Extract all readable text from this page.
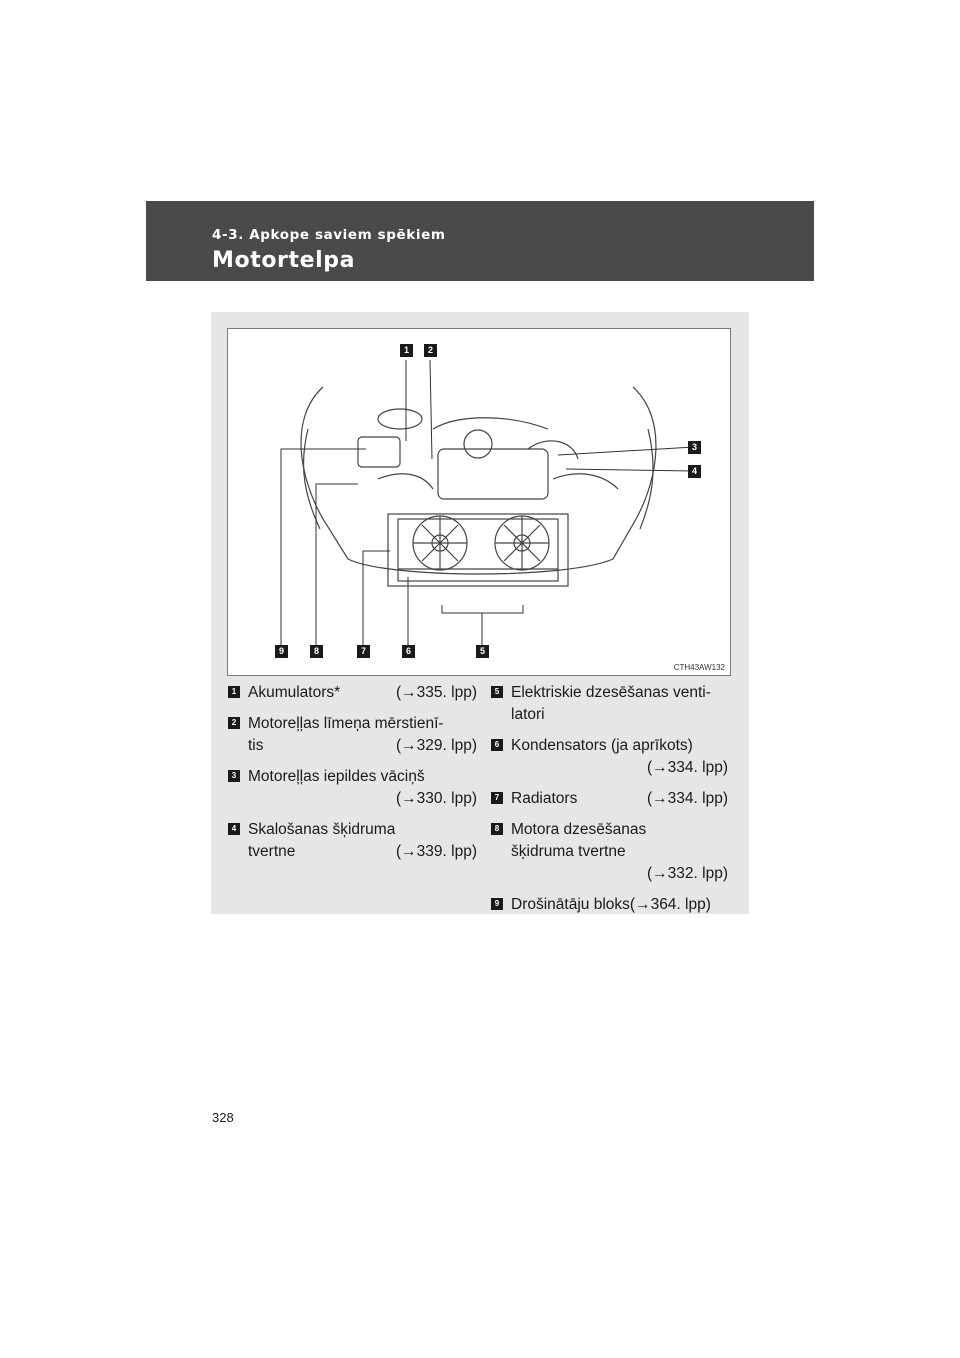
4-3. Apkope saviem spēkiem
Motortelpa
1	2
3
4
5
6
7
8
9
CTH43AW132
1 Akumulators*	(→335. lpp)
2 Motoreļļas līmeņa mērstienī-
tis	(→329. lpp)
3 Motoreļļas iepildes vāciņš
(→330. lpp)
4 Skalošanas šķidruma
tvertne	(→339. lpp)
5 Elektriskie dzesēšanas venti-
latori
6 Kondensators (ja aprīkots)
(→334. lpp)
7 Radiators	(→334. lpp)
8 Motora dzesēšanas
šķidruma tvertne
(→332. lpp)
9 Drošinātāju bloks(→364. lpp)
328
